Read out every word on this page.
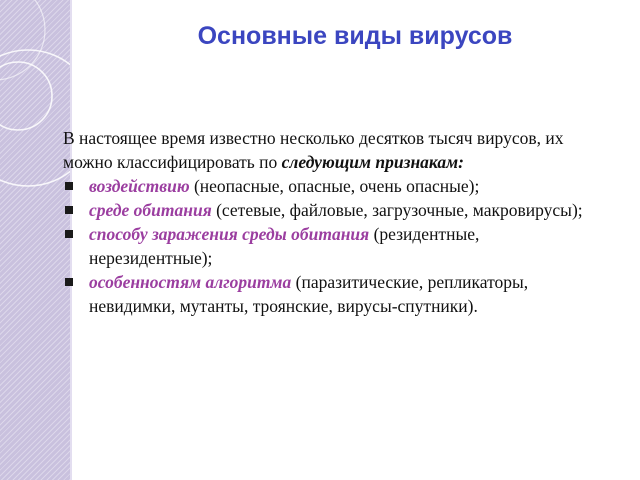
Основные виды вирусов

В настоящее время известно несколько десятков тысяч вирусов, их можно классифицировать по следующим признакам:

воздействию (неопасные, опасные, очень опасные);
среде обитания (сетевые, файловые, загрузочные, макровирусы);
способу заражения среды обитания (резидентные, нерезидентные);
особенностям алгоритма (паразитические, репликаторы, невидимки, мутанты, троянские, вирусы-спутники).
